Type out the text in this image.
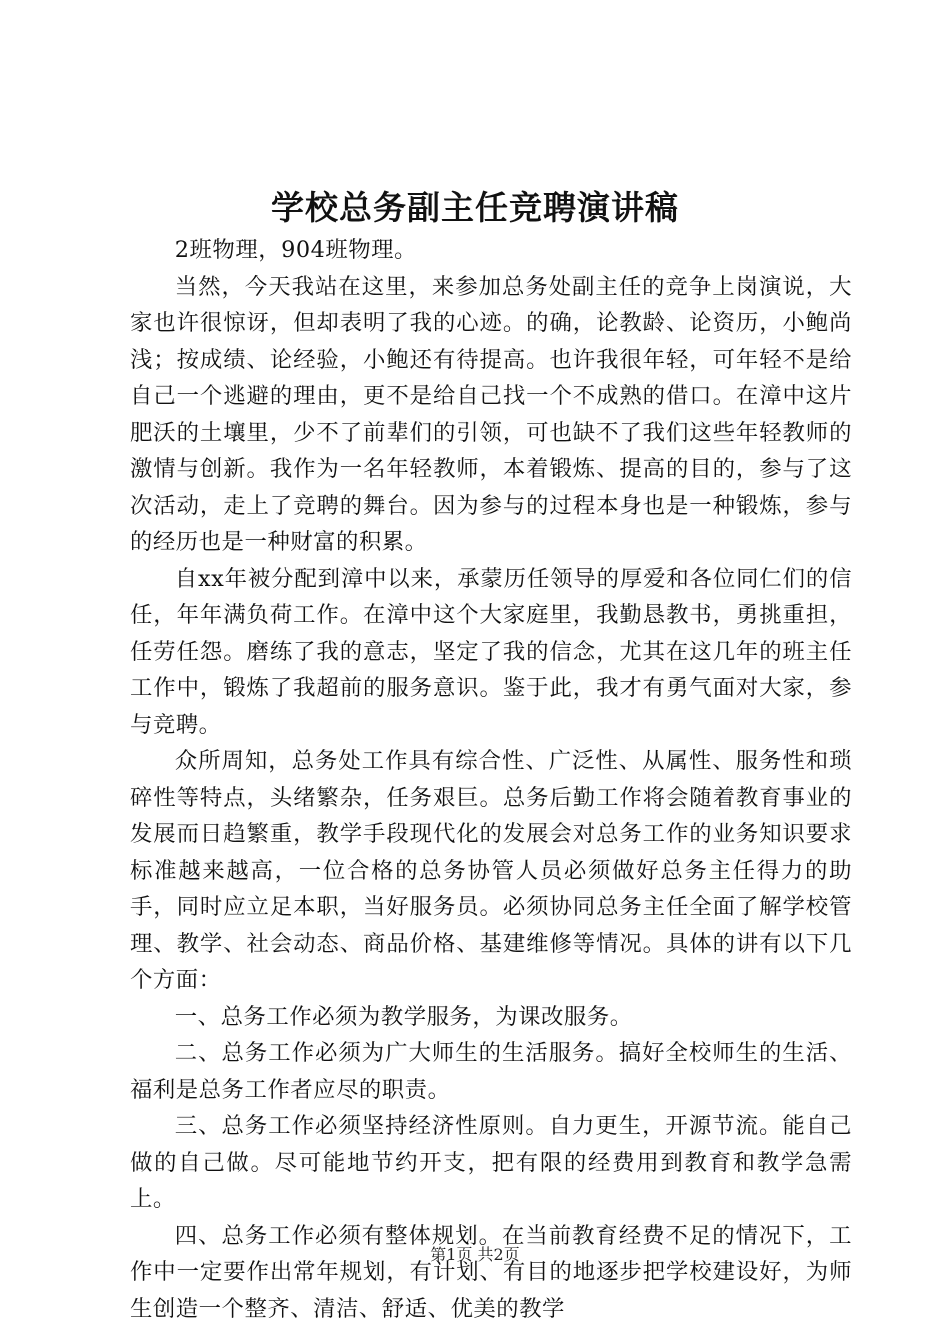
学校总务副主任竞聘演讲稿

2班物理，904班物理。

当然，今天我站在这里，来参加总务处副主任的竞争上岗演说，大家也许很惊讶，但却表明了我的心迹。的确，论教龄、论资历，小鲍尚浅；按成绩、论经验，小鲍还有待提高。也许我很年轻，可年轻不是给自己一个逃避的理由，更不是给自己找一个不成熟的借口。在漳中这片肥沃的土壤里，少不了前辈们的引领，可也缺不了我们这些年轻教师的激情与创新。我作为一名年轻教师，本着锻炼、提高的目的，参与了这次活动，走上了竞聘的舞台。因为参与的过程本身也是一种锻炼，参与的经历也是一种财富的积累。

自xx年被分配到漳中以来，承蒙历任领导的厚爱和各位同仁们的信任，年年满负荷工作。在漳中这个大家庭里，我勤恳教书，勇挑重担，任劳任怨。磨练了我的意志，坚定了我的信念，尤其在这几年的班主任工作中，锻炼了我超前的服务意识。鉴于此，我才有勇气面对大家，参与竞聘。

众所周知，总务处工作具有综合性、广泛性、从属性、服务性和琐碎性等特点，头绪繁杂，任务艰巨。总务后勤工作将会随着教育事业的发展而日趋繁重，教学手段现代化的发展会对总务工作的业务知识要求标准越来越高，一位合格的总务协管人员必须做好总务主任得力的助手，同时应立足本职，当好服务员。必须协同总务主任全面了解学校管理、教学、社会动态、商品价格、基建维修等情况。具体的讲有以下几个方面：

一、总务工作必须为教学服务，为课改服务。

二、总务工作必须为广大师生的生活服务。搞好全校师生的生活、福利是总务工作者应尽的职责。

三、总务工作必须坚持经济性原则。自力更生，开源节流。能自己做的自己做。尽可能地节约开支，把有限的经费用到教育和教学急需上。

四、总务工作必须有整体规划。在当前教育经费不足的情况下，工作中一定要作出常年规划，有计划、有目的地逐步把学校建设好，为师生创造一个整齐、清洁、舒适、优美的教学

第1页 共2页
